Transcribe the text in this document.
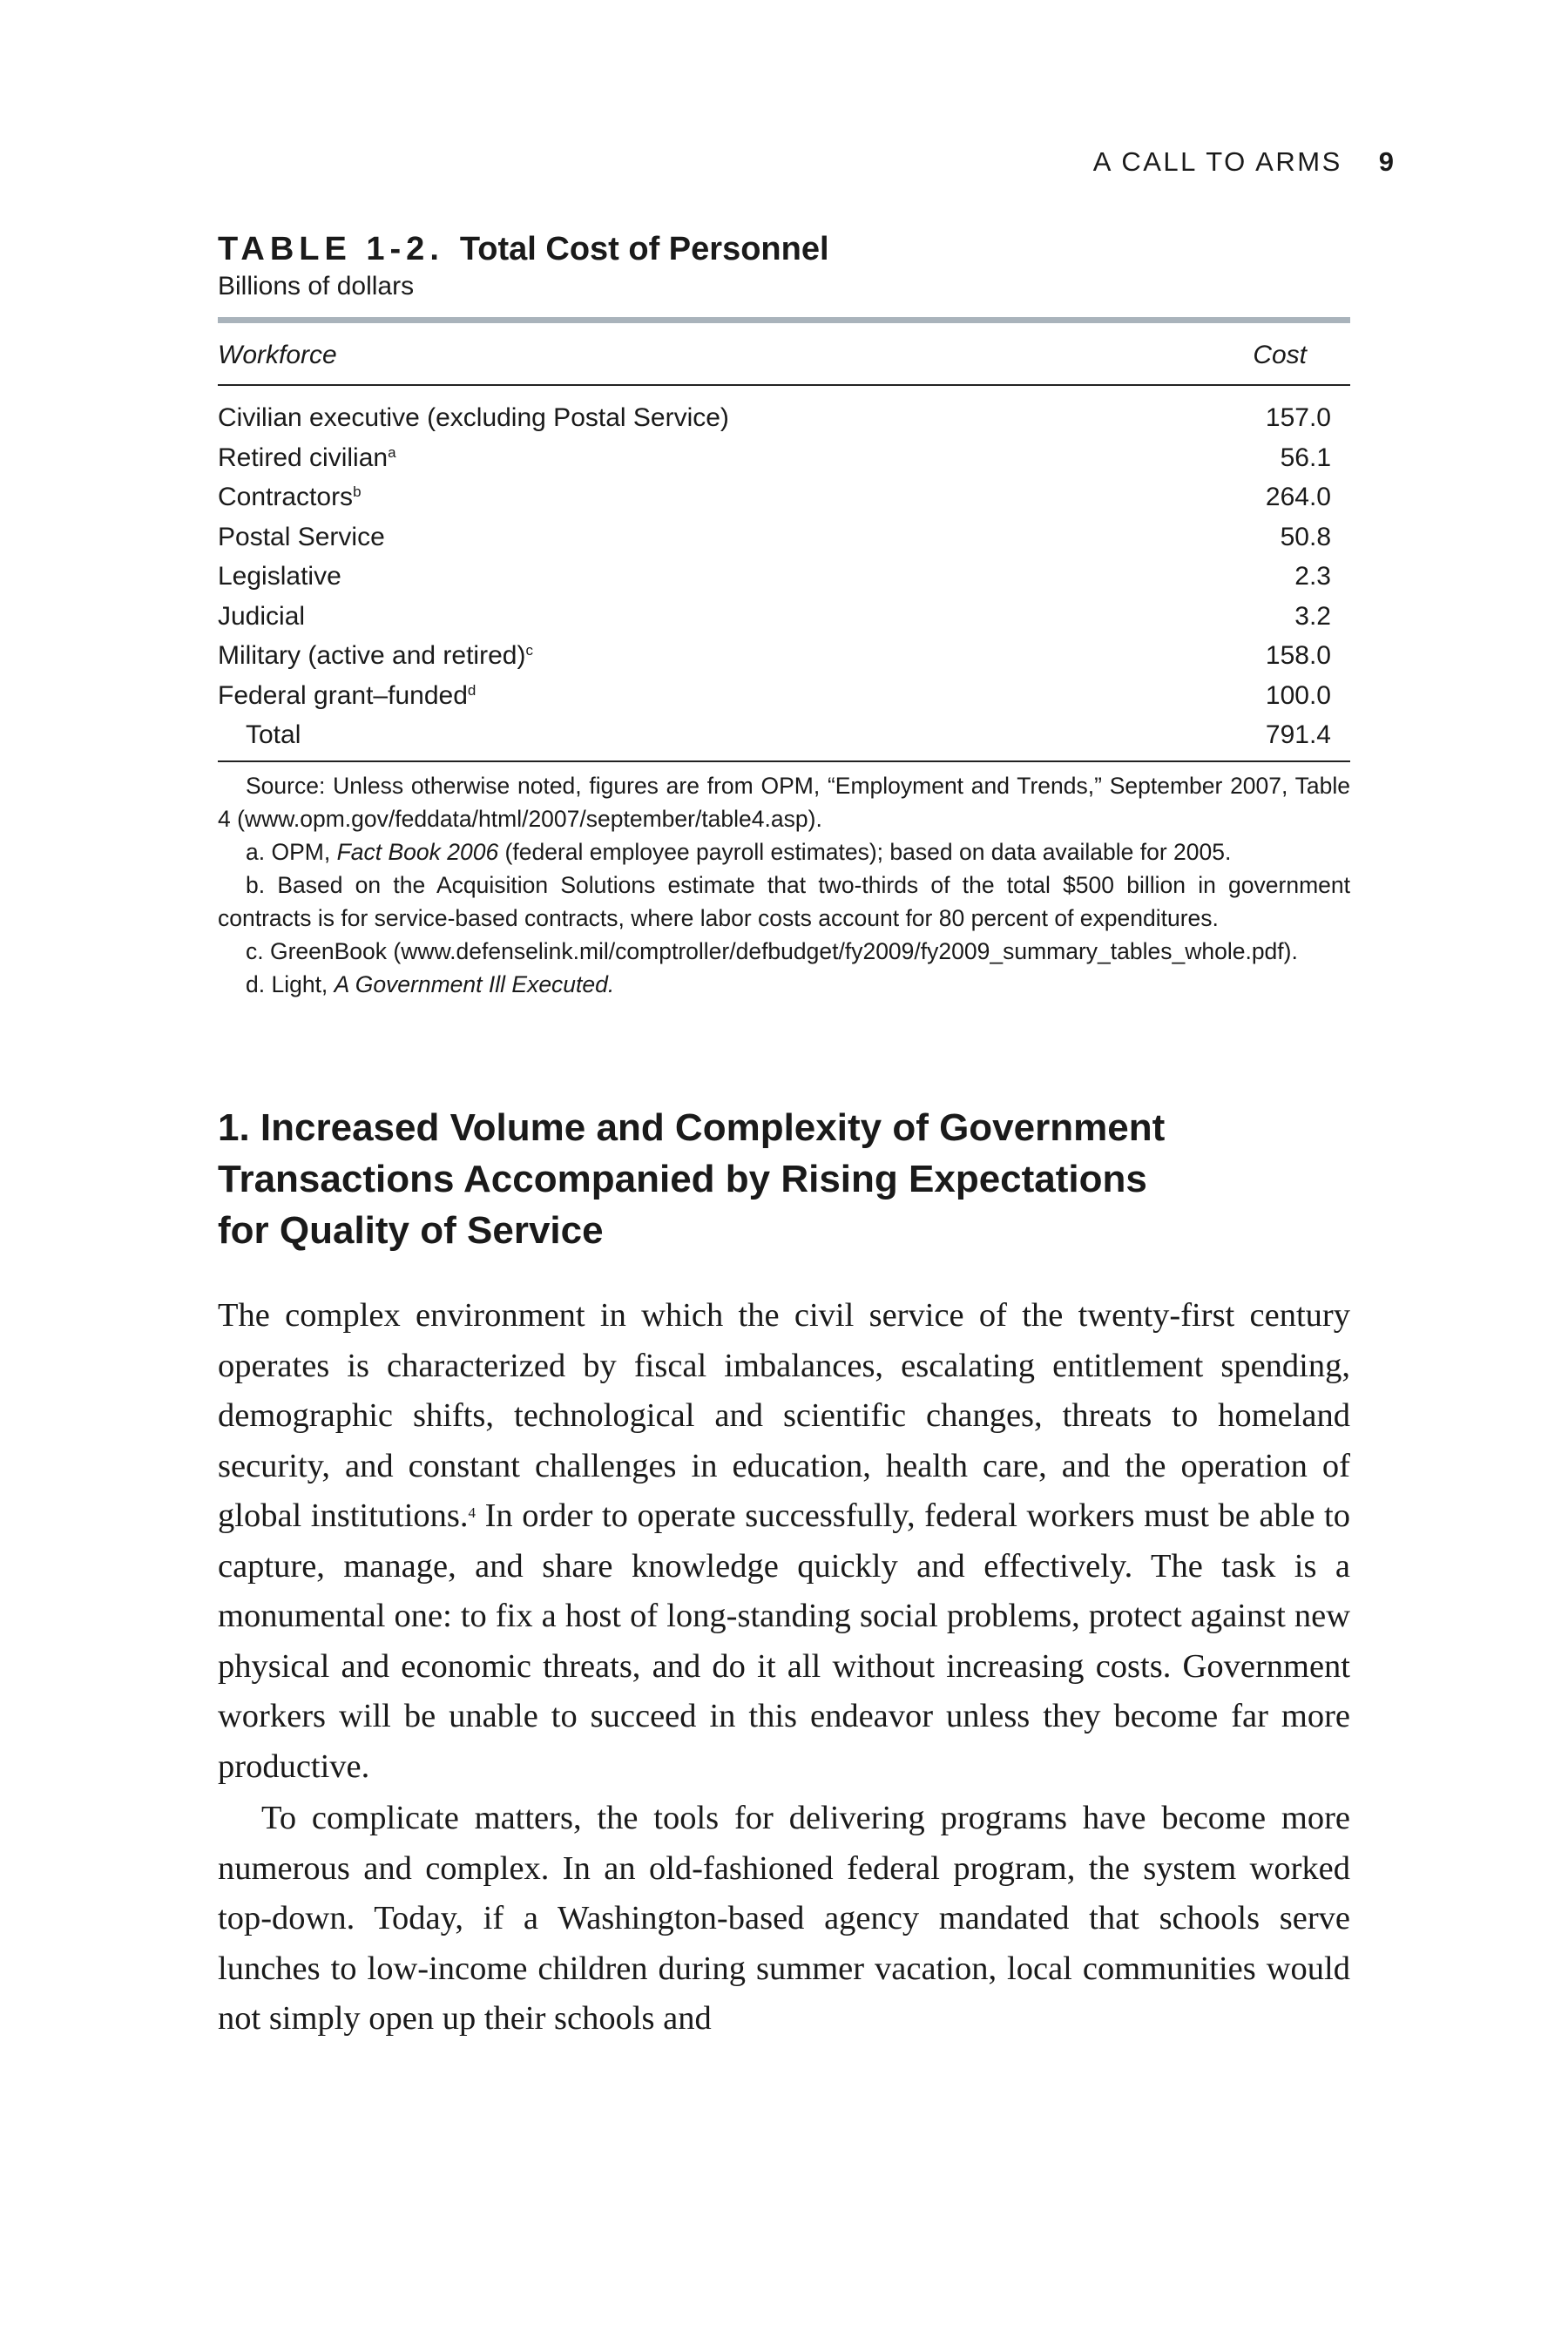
A CALL TO ARMS 9
TABLE 1-2. Total Cost of Personnel
Billions of dollars
Workforce	Cost
Civilian executive (excluding Postal Service)	157.0
Retired civilian$^a$	56.1
Contractors$^b$	264.0
Postal Service	50.8
Legislative	2.3
Judicial	3.2
Military (active and retired)$^c$	158.0
Federal grant–funded$^d$	100.0
Total	791.4

Source: Unless otherwise noted, figures are from OPM, “Employment and Trends,” September 2007, Table 4 (www.opm.gov/feddata/html/2007/september/table4.asp).

a. OPM, Fact Book 2006 (federal employee payroll estimates); based on data available for 2005.

b. Based on the Acquisition Solutions estimate that two-thirds of the total $500 billion in government contracts is for service-based contracts, where labor costs account for 80 percent of expenditures.

c. GreenBook (www.defenselink.mil/comptroller/defbudget/fy2009/fy2009_summary_tables_whole.pdf).

d. Light, A Government Ill Executed.

1. Increased Volume and Complexity of Government
Transactions Accompanied by Rising Expectations
for Quality of Service

The complex environment in which the civil service of the twenty-first century operates is characterized by fiscal imbalances, escalating entitlement spending, demographic shifts, technological and scientific changes, threats to homeland security, and constant challenges in education, health care, and the operation of global institutions.$^4$ In order to operate successfully, federal workers must be able to capture, manage, and share knowledge quickly and effectively. The task is a monumental one: to fix a host of long-standing social problems, protect against new physical and economic threats, and do it all without increasing costs. Government workers will be unable to succeed in this endeavor unless they become far more productive.

To complicate matters, the tools for delivering programs have become more numerous and complex. In an old-fashioned federal program, the system worked top-down. Today, if a Washington-based agency mandated that schools serve lunches to low-income children during summer vacation, local communities would not simply open up their schools and
